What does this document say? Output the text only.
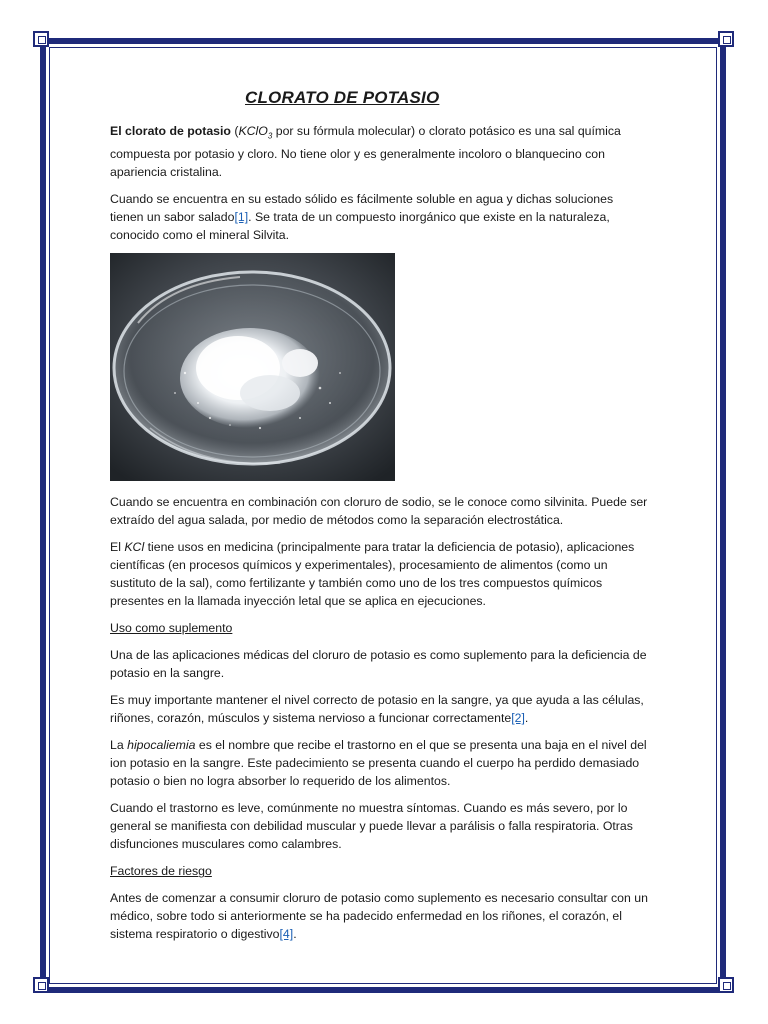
CLORATO DE POTASIO

El clorato de potasio (KClO$_3$ por su fórmula molecular) o clorato potásico es una sal química compuesta por potasio y cloro. No tiene olor y es generalmente incoloro o blanquecino con apariencia cristalina.

Cuando se encuentra en su estado sólido es fácilmente soluble en agua y dichas soluciones tienen un sabor salado[1]. Se trata de un compuesto inorgánico que existe en la naturaleza, conocido como el mineral Silvita.

Cuando se encuentra en combinación con cloruro de sodio, se le conoce como silvinita. Puede ser extraído del agua salada, por medio de métodos como la separación electrostática.

El KCl tiene usos en medicina (principalmente para tratar la deficiencia de potasio), aplicaciones científicas (en procesos químicos y experimentales), procesamiento de alimentos (como un sustituto de la sal), como fertilizante y también como uno de los tres compuestos químicos presentes en la llamada inyección letal que se aplica en ejecuciones.

Uso como suplemento

Una de las aplicaciones médicas del cloruro de potasio es como suplemento para la deficiencia de potasio en la sangre.

Es muy importante mantener el nivel correcto de potasio en la sangre, ya que ayuda a las células, riñones, corazón, músculos y sistema nervioso a funcionar correctamente[2].

La hipocaliemia es el nombre que recibe el trastorno en el que se presenta una baja en el nivel del ion potasio en la sangre. Este padecimiento se presenta cuando el cuerpo ha perdido demasiado potasio o bien no logra absorber lo requerido de los alimentos.

Cuando el trastorno es leve, comúnmente no muestra síntomas. Cuando es más severo, por lo general se manifiesta con debilidad muscular y puede llevar a parálisis o falla respiratoria. Otras disfunciones musculares como calambres.

Factores de riesgo

Antes de comenzar a consumir cloruro de potasio como suplemento es necesario consultar con un médico, sobre todo si anteriormente se ha padecido enfermedad en los riñones, el corazón, el sistema respiratorio o digestivo[4].
